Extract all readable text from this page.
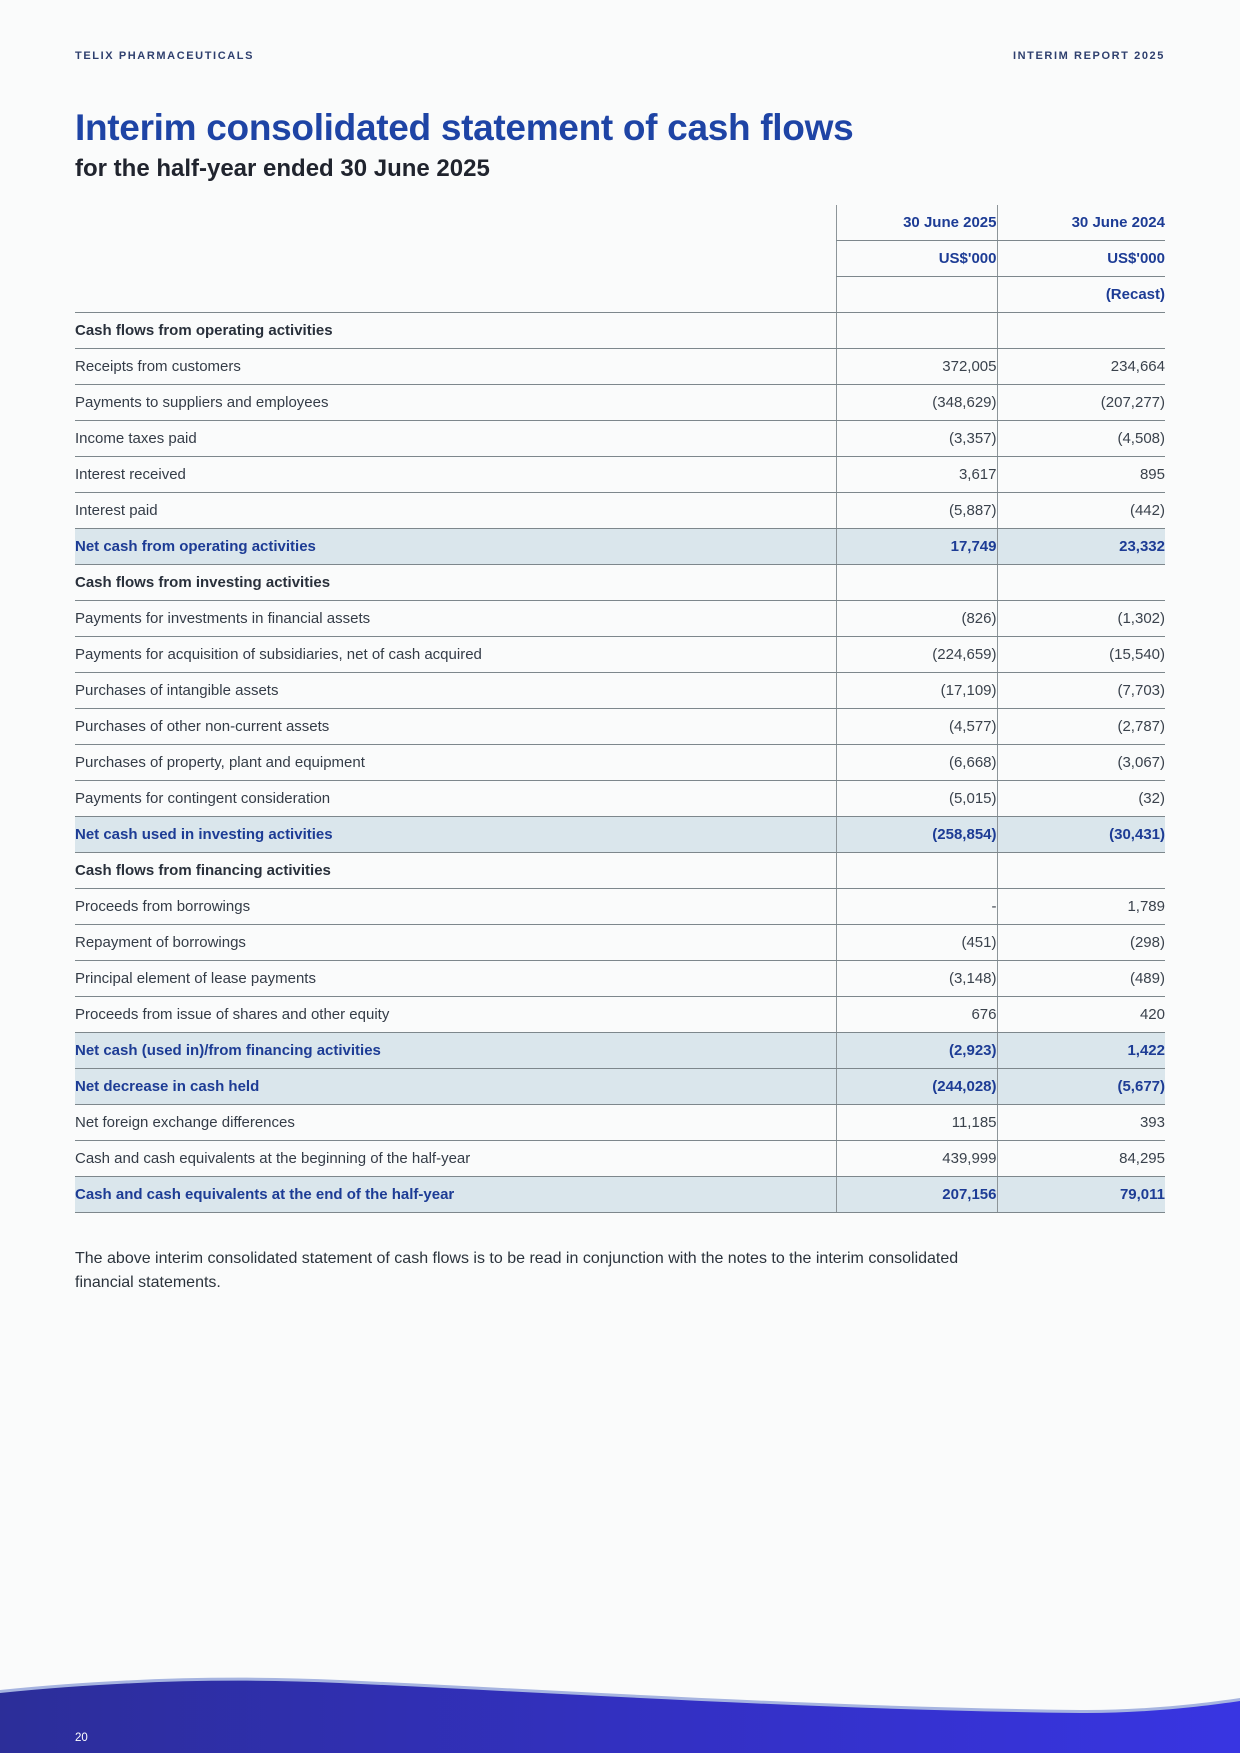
TELIX PHARMACEUTICALS	INTERIM REPORT 2025
Interim consolidated statement of cash flows
for the half-year ended 30 June 2025
	30 June 2025	30 June 2024
	US$'000	US$'000
		(Recast)
Cash flows from operating activities		
Receipts from customers	372,005	234,664
Payments to suppliers and employees	(348,629)	(207,277)
Income taxes paid	(3,357)	(4,508)
Interest received	3,617	895
Interest paid	(5,887)	(442)
Net cash from operating activities	17,749	23,332
Cash flows from investing activities		
Payments for investments in financial assets	(826)	(1,302)
Payments for acquisition of subsidiaries, net of cash acquired	(224,659)	(15,540)
Purchases of intangible assets	(17,109)	(7,703)
Purchases of other non-current assets	(4,577)	(2,787)
Purchases of property, plant and equipment	(6,668)	(3,067)
Payments for contingent consideration	(5,015)	(32)
Net cash used in investing activities	(258,854)	(30,431)
Cash flows from financing activities		
Proceeds from borrowings	-	1,789
Repayment of borrowings	(451)	(298)
Principal element of lease payments	(3,148)	(489)
Proceeds from issue of shares and other equity	676	420
Net cash (used in)/from financing activities	(2,923)	1,422
Net decrease in cash held	(244,028)	(5,677)
Net foreign exchange differences	11,185	393
Cash and cash equivalents at the beginning of the half-year	439,999	84,295
Cash and cash equivalents at the end of the half-year	207,156	79,011

The above interim consolidated statement of cash flows is to be read in conjunction with the notes to the interim consolidated financial statements.

20
